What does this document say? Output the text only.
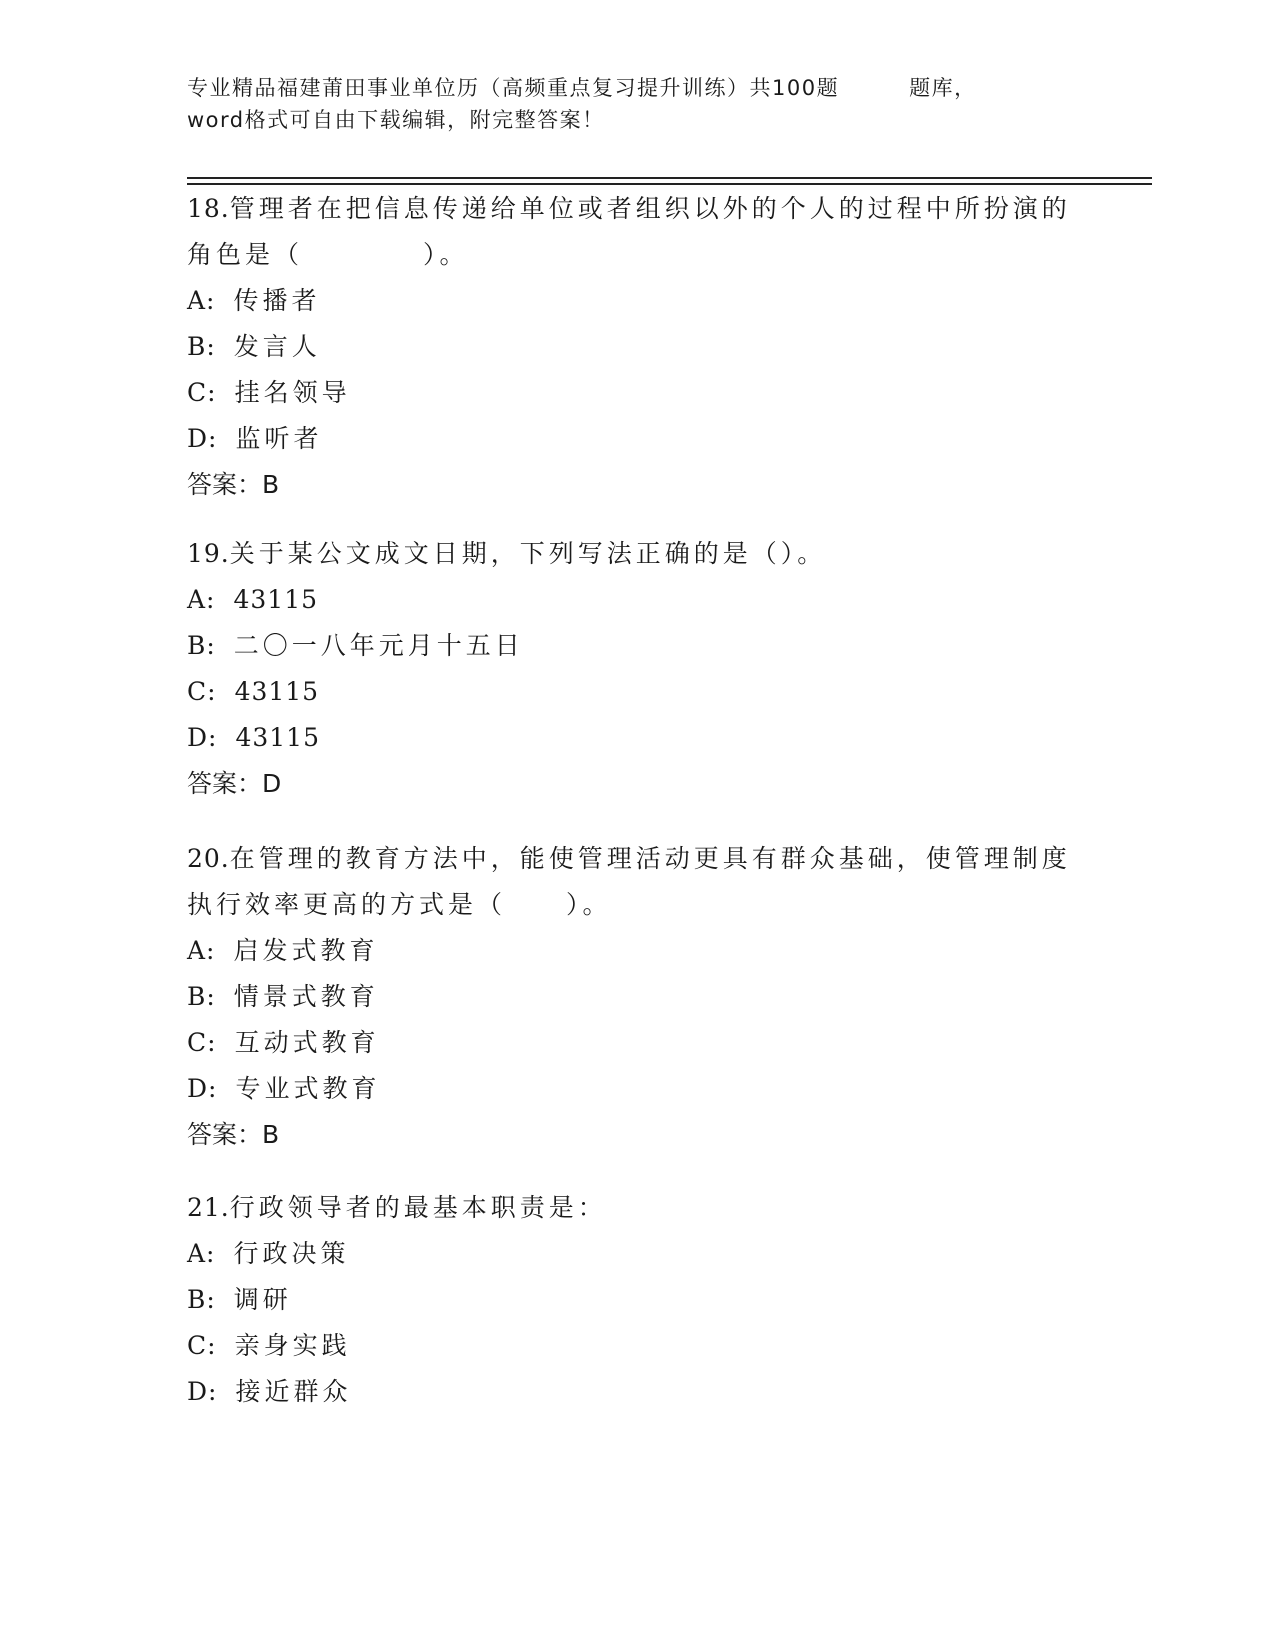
专业精品福建莆田事业单位历（高频重点复习提升训练）共100题	题库，
word格式可自由下载编辑，附完整答案！
18.管理者在把信息传递给单位或者组织以外的个人的过程中所扮演的
角色是（	）。
A: 传播者
B: 发言人
C: 挂名领导
D: 监听者
答案：B
19.关于某公文成文日期，下列写法正确的是（）。
A: 43115
B: 二〇一八年元月十五日
C: 43115
D: 43115
答案：D
20.在管理的教育方法中，能使管理活动更具有群众基础，使管理制度
执行效率更高的方式是（ ）。
A: 启发式教育
B: 情景式教育
C: 互动式教育
D: 专业式教育
答案：B
21.行政领导者的最基本职责是：
A: 行政决策
B: 调研
C: 亲身实践
D: 接近群众
